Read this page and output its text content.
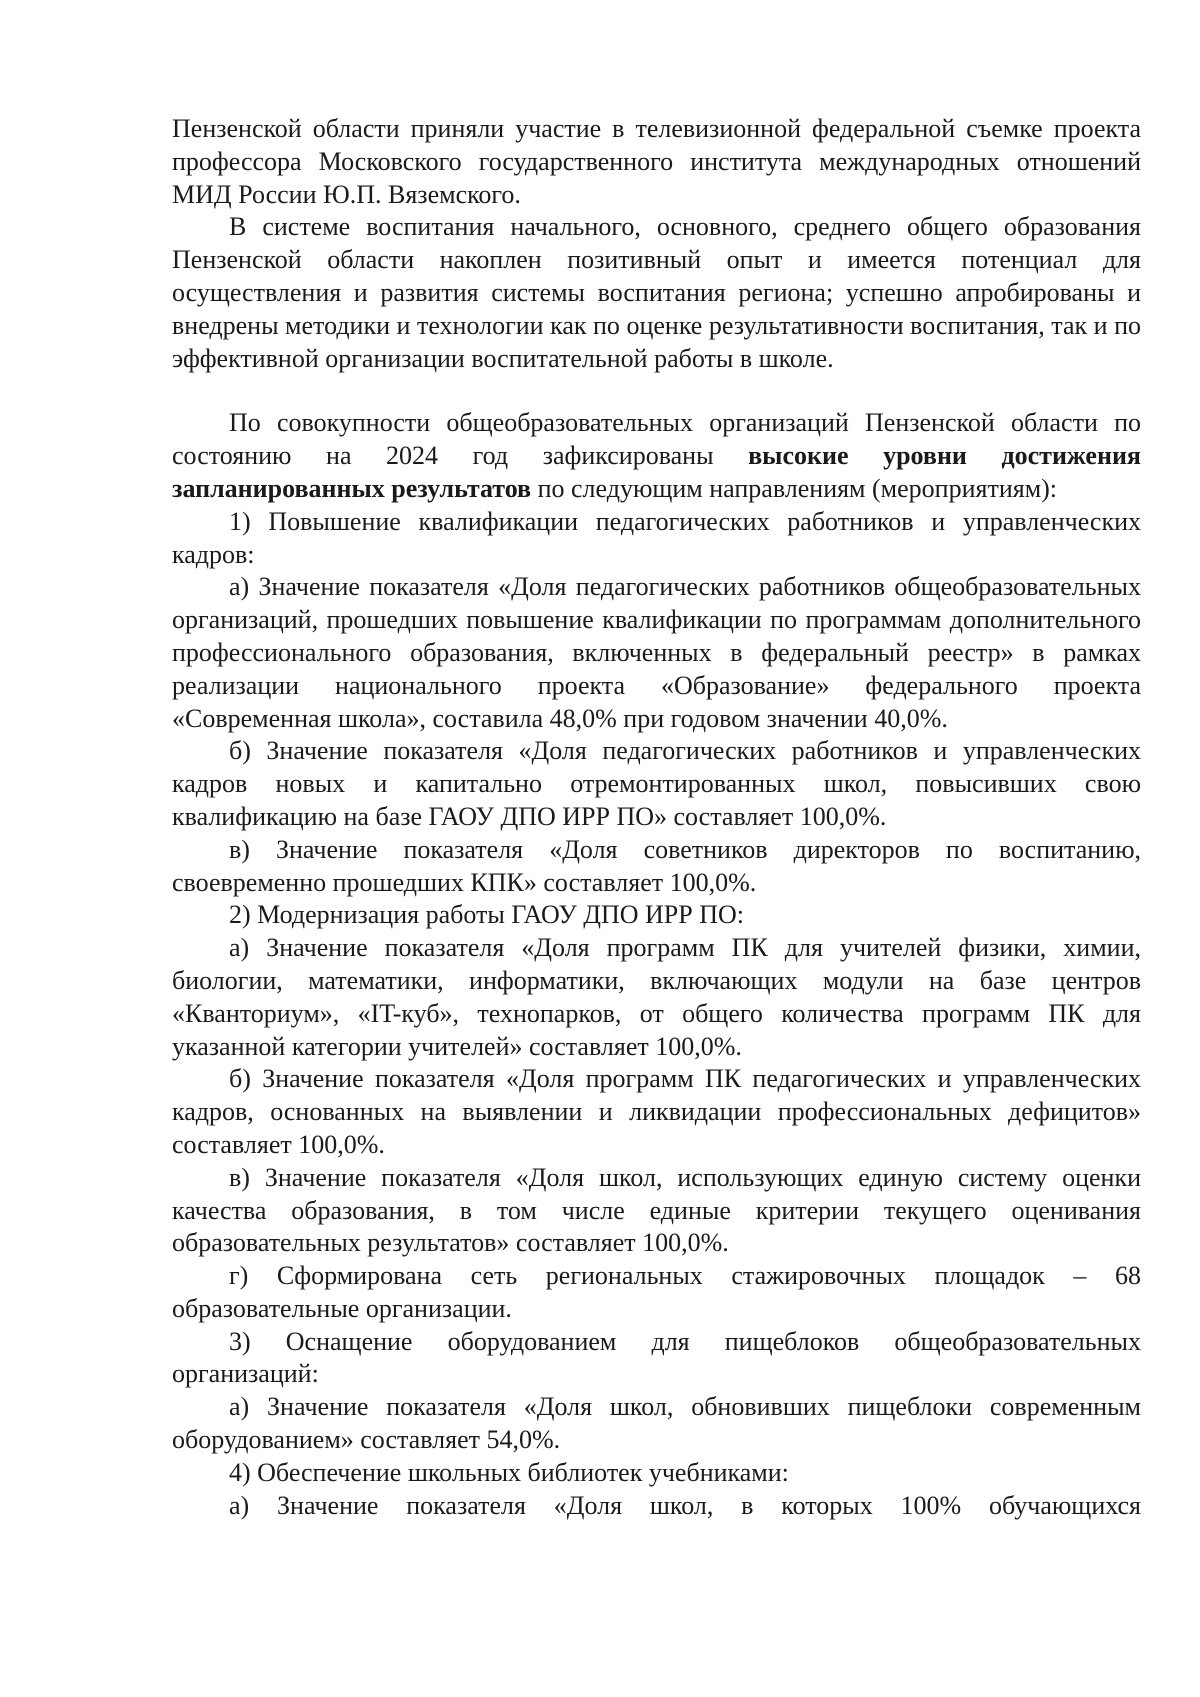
Пензенской области приняли участие в телевизионной федеральной съемке проекта профессора Московского государственного института международных отношений МИД России Ю.П. Вяземского.

В системе воспитания начального, основного, среднего общего образования Пензенской области накоплен позитивный опыт и имеется потенциал для осуществления и развития системы воспитания региона; успешно апробированы и внедрены методики и технологии как по оценке результативности воспитания, так и по эффективной организации воспитательной работы в школе.

По совокупности общеобразовательных организаций Пензенской области по состоянию на 2024 год зафиксированы высокие уровни достижения запланированных результатов по следующим направлениям (мероприятиям):

1) Повышение квалификации педагогических работников и управленческих кадров:

а) Значение показателя «Доля педагогических работников общеобразовательных организаций, прошедших повышение квалификации по программам дополнительного профессионального образования, включенных в федеральный реестр» в рамках реализации национального проекта «Образование» федерального проекта «Современная школа», составила 48,0% при годовом значении 40,0%.

б) Значение показателя «Доля педагогических работников и управленческих кадров новых и капитально отремонтированных школ, повысивших свою квалификацию на базе ГАОУ ДПО ИРР ПО» составляет 100,0%.

в) Значение показателя «Доля советников директоров по воспитанию, своевременно прошедших КПК» составляет 100,0%.

2) Модернизация работы ГАОУ ДПО ИРР ПО:

а) Значение показателя «Доля программ ПК для учителей физики, химии, биологии, математики, информатики, включающих модули на базе центров «Кванториум», «IT-куб», технопарков, от общего количества программ ПК для указанной категории учителей» составляет 100,0%.

б) Значение показателя «Доля программ ПК педагогических и управленческих кадров, основанных на выявлении и ликвидации профессиональных дефицитов» составляет 100,0%.

в) Значение показателя «Доля школ, использующих единую систему оценки качества образования, в том числе единые критерии текущего оценивания образовательных результатов» составляет 100,0%.

г) Сформирована сеть региональных стажировочных площадок – 68 образовательные организации.

3) Оснащение оборудованием для пищеблоков общеобразовательных организаций:

а) Значение показателя «Доля школ, обновивших пищеблоки современным оборудованием» составляет 54,0%.

4) Обеспечение школьных библиотек учебниками:

а) Значение показателя «Доля школ, в которых 100% обучающихся
